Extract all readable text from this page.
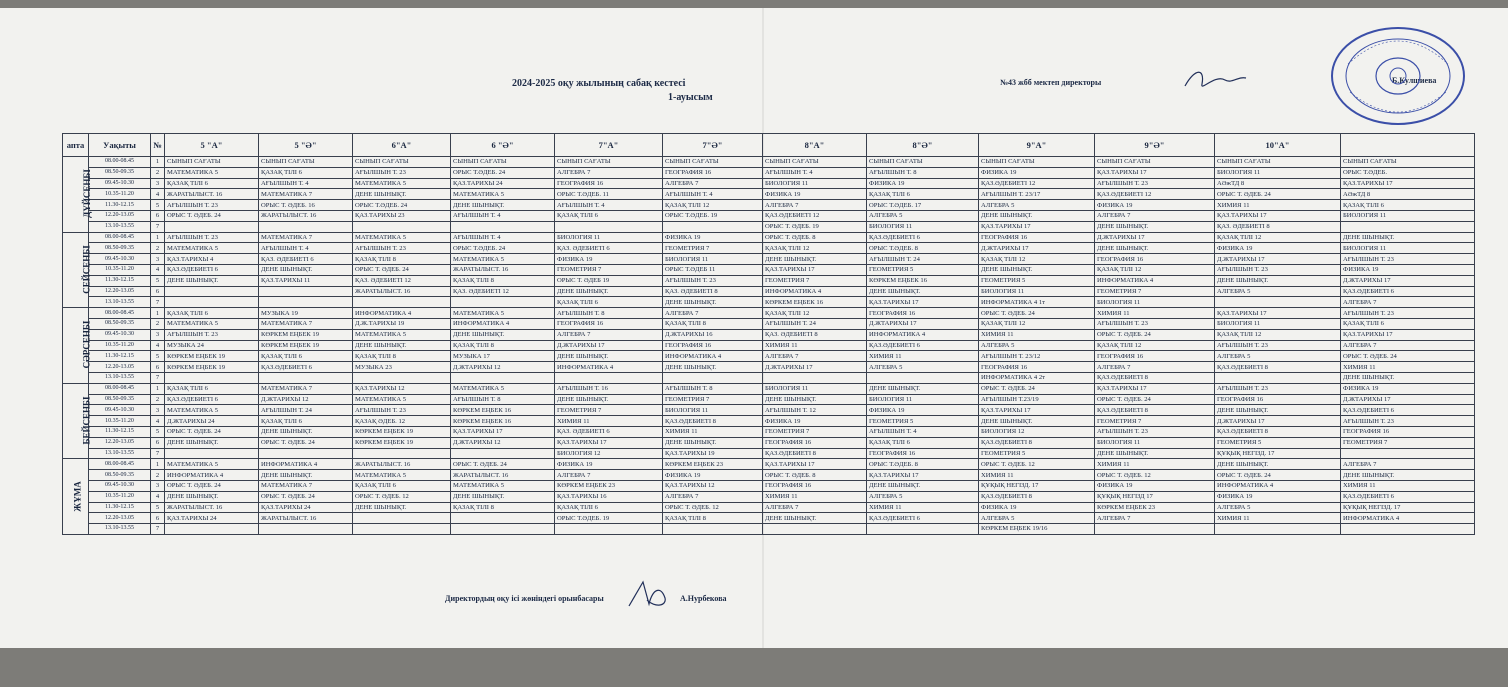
2024-2025 оқу жылының сабақ кестесі
1-ауысым
№43 жбб мектеп директоры	Б.Кулшиева
апта	Уақыты	№	5 "А"	5 "Ә"	6"А"	6 "Ә"	7"А"	7"Ә"	8"А"	8"Ә"	9"А"	9"Ә"	10"А"	
ДҮЙСЕНБІ	08.00-08.45	1	СЫНЫП САҒАТЫ	СЫНЫП САҒАТЫ	СЫНЫП САҒАТЫ	СЫНЫП САҒАТЫ	СЫНЫП САҒАТЫ	СЫНЫП САҒАТЫ	СЫНЫП САҒАТЫ	СЫНЫП САҒАТЫ	СЫНЫП САҒАТЫ	СЫНЫП САҒАТЫ	СЫНЫП САҒАТЫ	СЫНЫП САҒАТЫ
	08.50-09.35	2	МАТЕМАТИКА 5	ҚАЗАҚ ТІЛІ 6	АҒЫЛШЫН Т. 23	ОРЫС Т.ӘДЕБ. 24	АЛГЕБРА 7	ГЕОГРАФИЯ 16	АҒЫЛШЫН Т. 4	АҒЫЛШЫН Т. 8	ФИЗИКА 19	ҚАЗ.ТАРИХЫ 17	БИОЛОГИЯ 11	ОРЫС Т.ӘДЕБ.
	09.45-10.30	3	ҚАЗАҚ ТІЛІ 6	АҒЫЛШЫН Т. 4	МАТЕМАТИКА 5	ҚАЗ.ТАРИХЫ 24	ГЕОГРАФИЯ 16	АЛГЕБРА 7	БИОЛОГИЯ 11	ФИЗИКА 19	ҚАЗ.ӘДЕБИЕТІ 12	АҒЫЛШЫН Т. 23	АӘжТД 8	ҚАЗ.ТАРИХЫ 17
	10.35-11.20	4	ЖАРАТЫЛЫСТ. 16	МАТЕМАТИКА 7	ДЕНЕ ШЫНЫҚТ.	МАТЕМАТИКА 5	ОРЫС Т.ӘДЕБ. 11	АҒЫЛШЫН Т. 4	ФИЗИКА 19	ҚАЗАҚ ТІЛІ 6	АҒЫЛШЫН Т. 23/17	ҚАЗ.ӘДЕБИЕТІ 12	ОРЫС Т. ӘДЕБ. 24	АӘжТД 8
	11.30-12.15	5	АҒЫЛШЫН Т. 23	ОРЫС Т. ӘДЕБ. 16	ОРЫС Т.ӘДЕБ. 24	ДЕНЕ ШЫНЫҚТ.	АҒЫЛШЫН Т. 4	ҚАЗАҚ ТІЛІ 12	АЛГЕБРА 7	ОРЫС Т.ӘДЕБ. 17	АЛГЕБРА 5	ФИЗИКА 19	ХИМИЯ 11	ҚАЗАҚ ТІЛІ 6
	12.20-13.05	6	ОРЫС Т. ӘДЕБ. 24	ЖАРАТЫЛЫСТ. 16	ҚАЗ.ТАРИХЫ 23	АҒЫЛШЫН Т. 4	ҚАЗАҚ ТІЛІ 6	ОРЫС Т.ӘДЕБ. 19	ҚАЗ.ӘДЕБИЕТІ 12	АЛГЕБРА 5	ДЕНЕ ШЫНЫҚТ.	АЛГЕБРА 7	ҚАЗ.ТАРИХЫ 17	БИОЛОГИЯ 11
	13.10-13.55	7							ОРЫС Т. ӘДЕБ. 19	БИОЛОГИЯ 11	ҚАЗ.ТАРИХЫ 17	ДЕНЕ ШЫНЫҚТ.	ҚАЗ. ӘДЕБИЕТІ 8	
СЕЙСЕНБІ	08.00-08.45	1	АҒЫЛШЫН Т. 23	МАТЕМАТИКА 7	МАТЕМАТИКА 5	АҒЫЛШЫН Т. 4	БИОЛОГИЯ 11	ФИЗИКА 19	ОРЫС Т. ӘДЕБ. 8	ҚАЗ.ӘДЕБИЕТІ 6	ГЕОГРАФИЯ 16	Д.ЖТАРИХЫ 17	ҚАЗАҚ ТІЛІ 12	ДЕНЕ ШЫНЫҚТ.
	08.50-09.35	2	МАТЕМАТИКА 5	АҒЫЛШЫН Т. 4	АҒЫЛШЫН Т. 23	ОРЫС Т.ӘДЕБ. 24	ҚАЗ. ӘДЕБИЕТІ 6	ГЕОМЕТРИЯ 7	ҚАЗАҚ ТІЛІ 12	ОРЫС Т.ӘДЕБ. 8	Д.ЖТАРИХЫ 17	ДЕНЕ ШЫНЫҚТ.	ФИЗИКА 19	БИОЛОГИЯ 11
	09.45-10.30	3	ҚАЗ.ТАРИХЫ 4	ҚАЗ. ӘДЕБИЕТІ 6	ҚАЗАҚ ТІЛІ 8	МАТЕМАТИКА 5	ФИЗИКА 19	БИОЛОГИЯ 11	ДЕНЕ ШЫНЫҚТ.	АҒЫЛШЫН Т. 24	ҚАЗАҚ ТІЛІ 12	ГЕОГРАФИЯ 16	Д.ЖТАРИХЫ 17	АҒЫЛШЫН Т. 23
	10.35-11.20	4	ҚАЗ.ӘДЕБИЕТІ 6	ДЕНЕ ШЫНЫҚТ.	ОРЫС Т. ӘДЕБ. 24	ЖАРАТЫЛЫСТ. 16	ГЕОМЕТРИЯ 7	ОРЫС Т.ӘДЕБ 11	ҚАЗ.ТАРИХЫ 17	ГЕОМЕТРИЯ 5	ДЕНЕ ШЫНЫҚТ.	ҚАЗАҚ ТІЛІ 12	АҒЫЛШЫН Т. 23	ФИЗИКА 19
	11.30-12.15	5	ДЕНЕ ШЫНЫҚТ.	ҚАЗ.ТАРИХЫ 11	ҚАЗ. ӘДЕБИЕТІ 12	ҚАЗАҚ ТІЛІ 8	ОРЫС Т. ӘДЕБ 19	АҒЫЛШЫН Т. 23	ГЕОМЕТРИЯ 7	КӨРКЕМ ЕҢБЕК 16	ГЕОМЕТРИЯ 5	ИНФОРМАТИКА 4	ДЕНЕ ШЫНЫҚТ.	Д.ЖТАРИХЫ 17
	12.20-13.05	6			ЖАРАТЫЛЫСТ. 16	ҚАЗ. ӘДЕБИЕТІ 12	ДЕНЕ ШЫНЫҚТ.	ҚАЗ. ӘДЕБИЕТІ 8	ИНФОРМАТИКА 4	ДЕНЕ ШЫНЫҚТ.	БИОЛОГИЯ 11	ГЕОМЕТРИЯ 7	АЛГЕБРА 5	ҚАЗ.ӘДЕБИЕТІ 6
	13.10-13.55	7					ҚАЗАҚ ТІЛІ 6	ДЕНЕ ШЫНЫҚТ.	КӨРКЕМ ЕҢБЕК 16	ҚАЗ.ТАРИХЫ 17	ИНФОРМАТИКА 4 1т	БИОЛОГИЯ 11		АЛГЕБРА 7
СӘРСЕНБІ	08.00-08.45	1	ҚАЗАҚ ТІЛІ 6	МУЗЫКА 19	ИНФОРМАТИКА 4	МАТЕМАТИКА 5	АҒЫЛШЫН Т. 8	АЛГЕБРА 7	ҚАЗАҚ ТІЛІ 12	ГЕОГРАФИЯ 16	ОРЫС Т. ӘДЕБ. 24	ХИМИЯ 11	ҚАЗ.ТАРИХЫ 17	АҒЫЛШЫН Т. 23
	08.50-09.35	2	МАТЕМАТИКА 5	МАТЕМАТИКА 7	Д.Ж.ТАРИХЫ 19	ИНФОРМАТИКА 4	ГЕОГРАФИЯ 16	ҚАЗАҚ ТІЛІ 8	АҒЫЛШЫН Т. 24	Д.ЖТАРИХЫ 17	ҚАЗАҚ ТІЛІ 12	АҒЫЛШЫН Т. 23	БИОЛОГИЯ 11	ҚАЗАҚ ТІЛІ 6
	09.45-10.30	3	АҒЫЛШЫН Т. 23	КӨРКЕМ ЕҢБЕК 19	МАТЕМАТИКА 5	ДЕНЕ ШЫНЫҚТ.	АЛГЕБРА 7	Д.ЖТАРИХЫ 16	ҚАЗ. ӘДЕБИЕТІ 8	ИНФОРМАТИКА 4	ХИМИЯ 11	ОРЫС Т. ӘДЕБ. 24	ҚАЗАҚ ТІЛІ 12	ҚАЗ.ТАРИХЫ 17
	10.35-11.20	4	МУЗЫКА 24	КӨРКЕМ ЕҢБЕК 19	ДЕНЕ ШЫНЫҚТ.	ҚАЗАҚ ТІЛІ 8	Д.ЖТАРИХЫ 17	ГЕОГРАФИЯ 16	ХИМИЯ 11	ҚАЗ.ӘДЕБИЕТІ 6	АЛГЕБРА 5	ҚАЗАҚ ТІЛІ 12	АҒЫЛШЫН Т. 23	АЛГЕБРА 7
	11.30-12.15	5	КӨРКЕМ ЕҢБЕК 19	ҚАЗАҚ ТІЛІ 6	ҚАЗАҚ ТІЛІ 8	МУЗЫКА 17	ДЕНЕ ШЫНЫҚТ.	ИНФОРМАТИКА 4	АЛГЕБРА 7	ХИМИЯ 11	АҒЫЛШЫН Т. 23/12	ГЕОГРАФИЯ 16	АЛГЕБРА 5	ОРЫС Т. ӘДЕБ. 24
	12.20-13.05	6	КӨРКЕМ ЕҢБЕК 19	ҚАЗ.ӘДЕБИЕТІ 6	МУЗЫКА 23	Д.ЖТАРИХЫ 12	ИНФОРМАТИКА 4	ДЕНЕ ШЫНЫҚТ.	Д.ЖТАРИХЫ 17	АЛГЕБРА 5	ГЕОГРАФИЯ 16	АЛГЕБРА 7	ҚАЗ.ӘДЕБИЕТІ 8	ХИМИЯ 11
	13.10-13.55	7									ИНФОРМАТИКА 4 2т	ҚАЗ.ӘДЕБИЕТІ 8		ДЕНЕ ШЫНЫҚТ.
БЕЙСЕНБІ	08.00-08.45	1	ҚАЗАҚ ТІЛІ 6	МАТЕМАТИКА 7	ҚАЗ.ТАРИХЫ 12	МАТЕМАТИКА 5	АҒЫЛШЫН Т. 16	АҒЫЛШЫН Т. 8	БИОЛОГИЯ 11	ДЕНЕ ШЫНЫҚТ.	ОРЫС Т. ӘДЕБ. 24	ҚАЗ.ТАРИХЫ 17	АҒЫЛШЫН Т. 23	ФИЗИКА 19
	08.50-09.35	2	ҚАЗ.ӘДЕБИЕТІ 6	Д.ЖТАРИХЫ 12	МАТЕМАТИКА 5	АҒЫЛШЫН Т. 8	ДЕНЕ ШЫНЫҚТ.	ГЕОМЕТРИЯ 7	ДЕНЕ ШЫНЫҚТ.	БИОЛОГИЯ 11	АҒЫЛШЫН Т.23/19	ОРЫС Т. ӘДЕБ. 24	ГЕОГРАФИЯ 16	Д.ЖТАРИХЫ 17
	09.45-10.30	3	МАТЕМАТИКА 5	АҒЫЛШЫН Т. 24	АҒЫЛШЫН Т. 23	КӨРКЕМ ЕҢБЕК 16	ГЕОМЕТРИЯ 7	БИОЛОГИЯ 11	АҒЫЛШЫН Т. 12	ФИЗИКА 19	ҚАЗ.ТАРИХЫ 17	ҚАЗ.ӘДЕБИЕТІ 8	ДЕНЕ ШЫНЫҚТ.	ҚАЗ.ӘДЕБИЕТІ 6
	10.35-11.20	4	Д.ЖТАРИХЫ 24	ҚАЗАҚ ТІЛІ 6	ҚАЗАҚ ӘДЕБ. 12	КӨРКЕМ ЕҢБЕК 16	ХИМИЯ 11	ҚАЗ.ӘДЕБИЕТІ 8	ФИЗИКА 19	ГЕОМЕТРИЯ 5	ДЕНЕ ШЫНЫҚТ.	ГЕОМЕТРИЯ 7	Д.ЖТАРИХЫ 17	АҒЫЛШЫН Т. 23
	11.30-12.15	5	ОРЫС Т. ӘДЕБ. 24	ДЕНЕ ШЫНЫҚТ.	КӨРКЕМ ЕҢБЕК 19	ҚАЗ.ТАРИХЫ 17	ҚАЗ. ӘДЕБИЕТІ 6	ХИМИЯ 11	ГЕОМЕТРИЯ 7	АҒЫЛШЫН Т. 4	БИОЛОГИЯ 12	АҒЫЛШЫН Т. 23	ҚАЗ.ӘДЕБИЕТІ 8	ГЕОГРАФИЯ 16
	12.20-13.05	6	ДЕНЕ ШЫНЫҚТ.	ОРЫС Т. ӘДЕБ. 24	КӨРКЕМ ЕҢБЕК 19	Д.ЖТАРИХЫ 12	ҚАЗ.ТАРИХЫ 17	ДЕНЕ ШЫНЫҚТ.	ГЕОГРАФИЯ 16	ҚАЗАҚ ТІЛІ 6	ҚАЗ.ӘДЕБИЕТІ 8	БИОЛОГИЯ 11	ГЕОМЕТРИЯ 5	ГЕОМЕТРИЯ 7
	13.10-13.55	7					БИОЛОГИЯ 12	ҚАЗ.ТАРИХЫ 19	ҚАЗ.ӘДЕБИЕТІ 8	ГЕОГРАФИЯ 16	ГЕОМЕТРИЯ 5	ДЕНЕ ШЫНЫҚТ.	ҚҰҚЫҚ НЕГІЗД. 17	
ЖҰМА	08.00-08.45	1	МАТЕМАТИКА 5	ИНФОРМАТИКА 4	ЖАРАТЫЛЫСТ. 16	ОРЫС Т. ӘДЕБ. 24	ФИЗИКА 19	КӨРКЕМ ЕҢБЕК 23	ҚАЗ.ТАРИХЫ 17	ОРЫС Т.ӘДЕБ. 8	ОРЫС Т. ӘДЕБ. 12	ХИМИЯ 11	ДЕНЕ ШЫНЫҚТ.	АЛГЕБРА 7
	08.50-09.35	2	ИНФОРМАТИКА 4	ДЕНЕ ШЫНЫҚТ.	МАТЕМАТИКА 5	ЖАРАТЫЛЫСТ. 16	АЛГЕБРА 7	ФИЗИКА 19	ОРЫС Т. ӘДЕБ. 8	ҚАЗ.ТАРИХЫ 17	ХИМИЯ 11	ОРЫС Т. ӘДЕБ. 12	ОРЫС Т. ӘДЕБ. 24	ДЕНЕ ШЫНЫҚТ.
	09.45-10.30	3	ОРЫС Т. ӘДЕБ. 24	МАТЕМАТИКА 7	ҚАЗАҚ ТІЛІ 6	МАТЕМАТИКА 5	КӨРКЕМ ЕҢБЕК 23	ҚАЗ.ТАРИХЫ 12	ГЕОГРАФИЯ 16	ДЕНЕ ШЫНЫҚТ.	ҚҰҚЫҚ НЕГІЗД. 17	ФИЗИКА 19	ИНФОРМАТИКА 4	ХИМИЯ 11
	10.35-11.20	4	ДЕНЕ ШЫНЫҚТ.	ОРЫС Т. ӘДЕБ. 24	ОРЫС Т. ӘДЕБ. 12	ДЕНЕ ШЫНЫҚТ.	ҚАЗ.ТАРИХЫ 16	АЛГЕБРА 7	ХИМИЯ 11	АЛГЕБРА 5	ҚАЗ.ӘДЕБИЕТІ 8	ҚҰҚЫҚ НЕГІЗД 17	ФИЗИКА 19	ҚАЗ.ӘДЕБИЕТІ 6
	11.30-12.15	5	ЖАРАТЫЛЫСТ. 16	ҚАЗ.ТАРИХЫ 24	ДЕНЕ ШЫНЫҚТ.	ҚАЗАҚ ТІЛІ 8	ҚАЗАҚ ТІЛІ 6	ОРЫС Т. ӘДЕБ. 12	АЛГЕБРА 7	ХИМИЯ 11	ФИЗИКА 19	КӨРКЕМ ЕҢБЕК 23	АЛГЕБРА 5	ҚҰҚЫҚ НЕГІЗД. 17
	12.20-13.05	6	ҚАЗ.ТАРИХЫ 24	ЖАРАТЫЛЫСТ. 16			ОРЫС Т.ӘДЕБ. 19	ҚАЗАҚ ТІЛІ 8	ДЕНЕ ШЫНЫҚТ.	ҚАЗ.ӘДЕБИЕТІ 6	АЛГЕБРА 5	АЛГЕБРА 7	ХИМИЯ 11	ИНФОРМАТИКА 4
	13.10-13.55	7									КӨРКЕМ ЕҢБЕК 19/16			
Директордың оқу ісі жөніндегі орынбасары	А.Нурбекова
